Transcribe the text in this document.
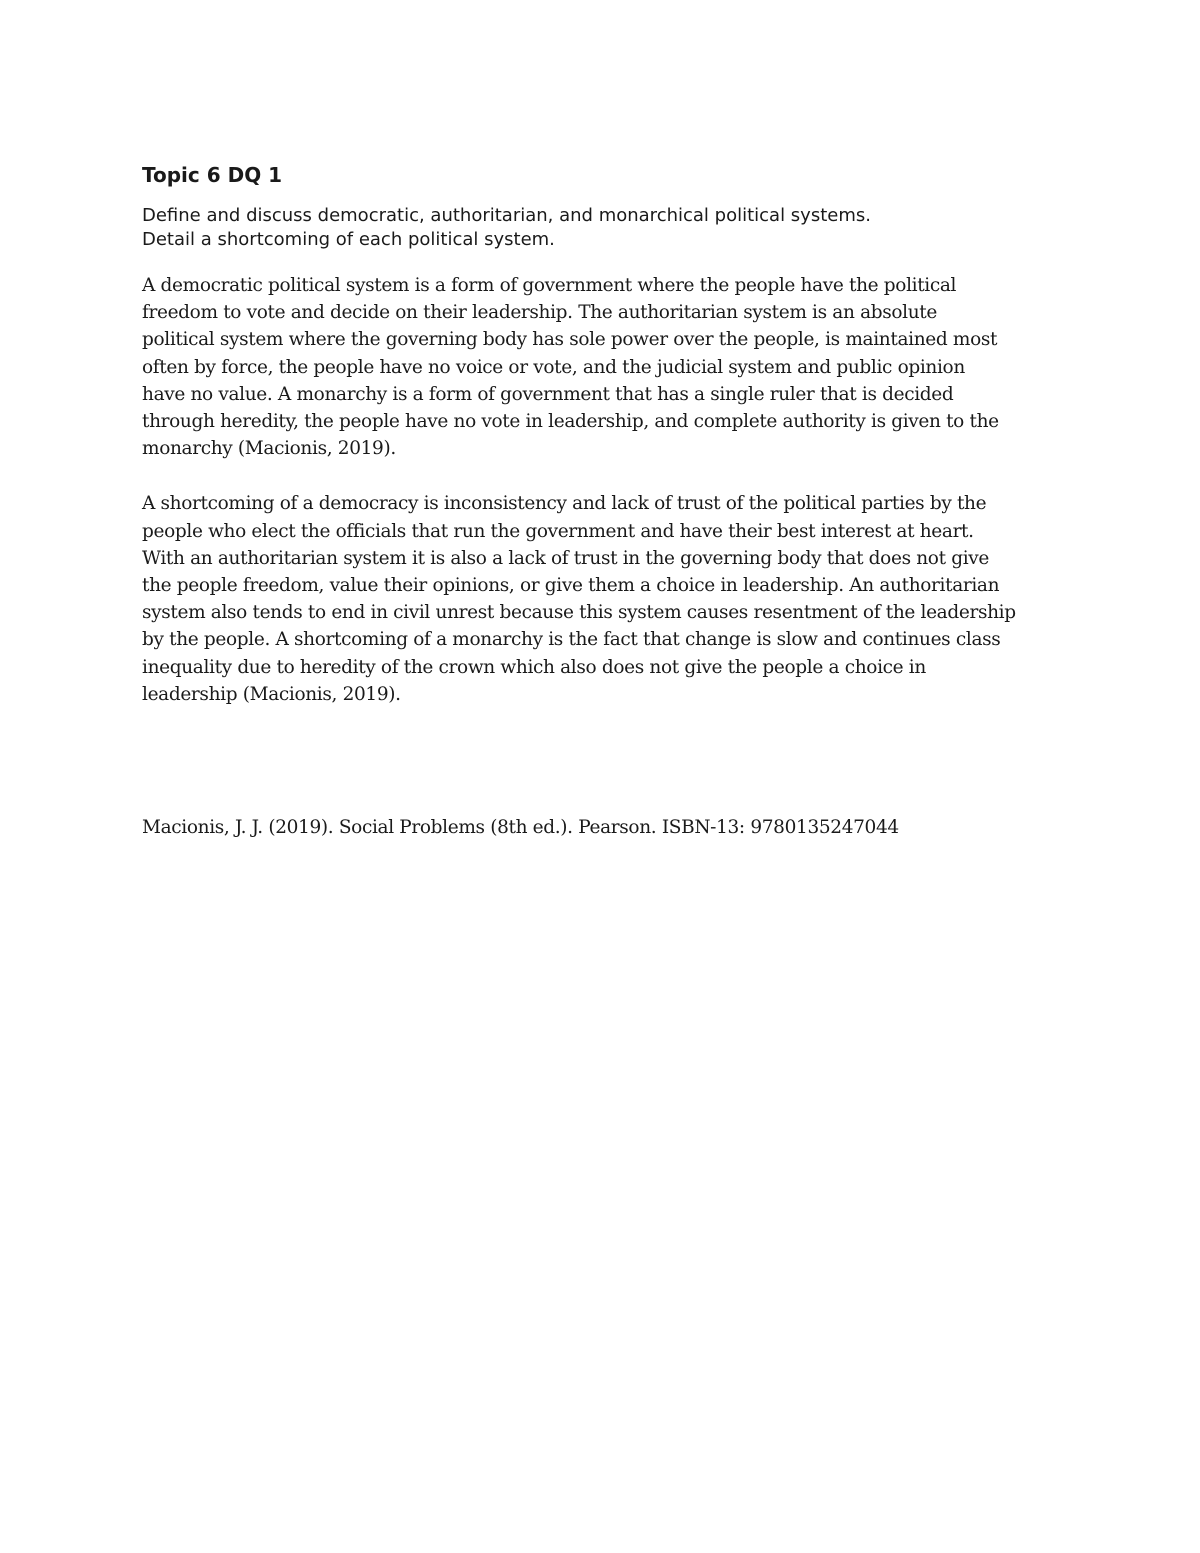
Topic 6 DQ 1
Define and discuss democratic, authoritarian, and monarchical political systems.
Detail a shortcoming of each political system.
A democratic political system is a form of government where the people have the political
freedom to vote and decide on their leadership. The authoritarian system is an absolute
political system where the governing body has sole power over the people, is maintained most
often by force, the people have no voice or vote, and the judicial system and public opinion
have no value. A monarchy is a form of government that has a single ruler that is decided
through heredity, the people have no vote in leadership, and complete authority is given to the
monarchy (Macionis, 2019).
A shortcoming of a democracy is inconsistency and lack of trust of the political parties by the
people who elect the officials that run the government and have their best interest at heart.
With an authoritarian system it is also a lack of trust in the governing body that does not give
the people freedom, value their opinions, or give them a choice in leadership. An authoritarian
system also tends to end in civil unrest because this system causes resentment of the leadership
by the people. A shortcoming of a monarchy is the fact that change is slow and continues class
inequality due to heredity of the crown which also does not give the people a choice in
leadership (Macionis, 2019).
Macionis, J. J. (2019). Social Problems (8th ed.). Pearson. ISBN-13: 9780135247044
